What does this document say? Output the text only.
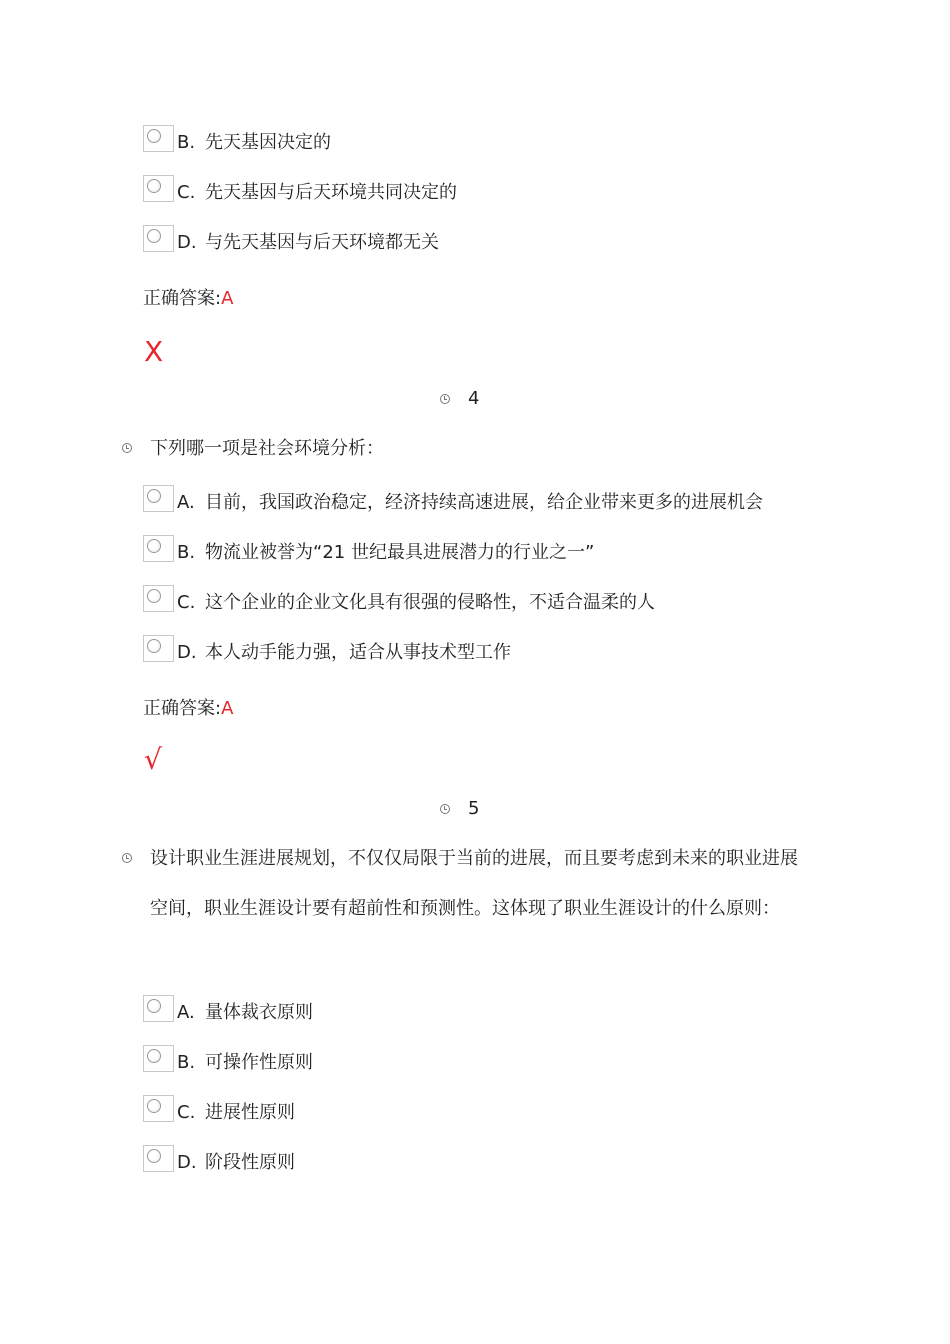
B. 先天基因决定的
C. 先天基因与后天环境共同决定的
D. 与先天基因与后天环境都无关
正确答案:A
X
4
下列哪一项是社会环境分析：
A. 目前，我国政治稳定，经济持续高速进展，给企业带来更多的进展机会
B. 物流业被誉为“21 世纪最具进展潜力的行业之一”
C. 这个企业的企业文化具有很强的侵略性，不适合温柔的人
D. 本人动手能力强，适合从事技术型工作
正确答案:A
√
5
设计职业生涯进展规划，不仅仅局限于当前的进展，而且要考虑到未来的职业进展空间，职业生涯设计要有超前性和预测性。这体现了职业生涯设计的什么原则：
A. 量体裁衣原则
B. 可操作性原则
C. 进展性原则
D. 阶段性原则
